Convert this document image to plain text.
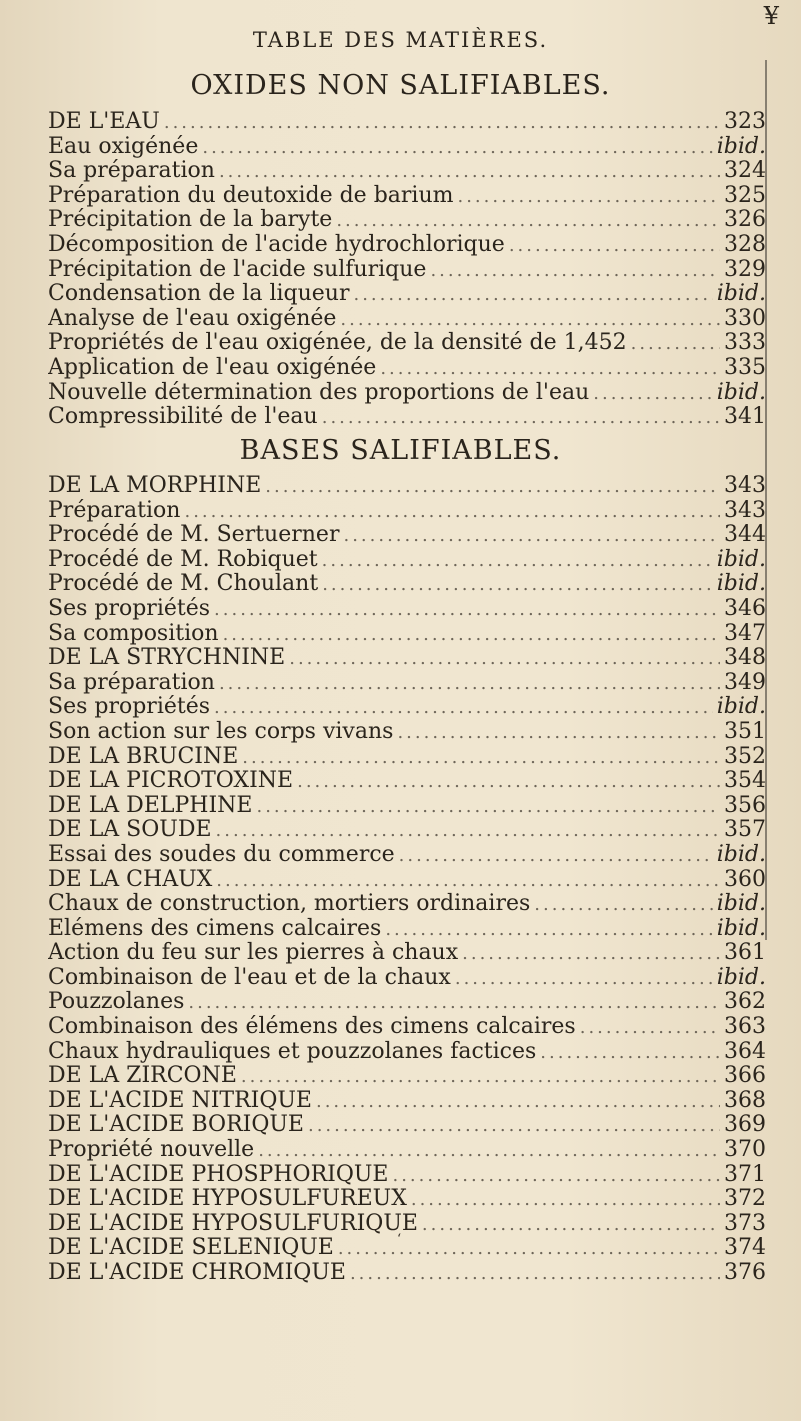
TABLE DES MATIÈRES.
¥
OXIDES NON SALIFIABLES.
DE L'EAU .....	323
Eau oxigénée .....	ibid.
Sa préparation .....	324
Préparation du deutoxide de barium .....	325
Précipitation de la baryte .....	326
Décomposition de l'acide hydrochlorique .....	328
Précipitation de l'acide sulfurique .....	329
Condensation de la liqueur .....	ibid.
Analyse de l'eau oxigénée .....	330
Propriétés de l'eau oxigénée, de la densité de 1,452 .....	333
Application de l'eau oxigénée .....	335
Nouvelle détermination des proportions de l'eau .....	ibid.
Compressibilité de l'eau .....	341
BASES SALIFIABLES.
DE LA MORPHINE .....	343
Préparation .....	343
Procédé de M. Sertuerner .....	344
Procédé de M. Robiquet .....	ibid.
Procédé de M. Choulant .....	ibid.
Ses propriétés .....	346
Sa composition .....	347
DE LA STRYCHNINE .....	348
Sa préparation .....	349
Ses propriétés .....	ibid.
Son action sur les corps vivans .....	351
DE LA BRUCINE .....	352
DE LA PICROTOXINE .....	354
DE LA DELPHINE .....	356
DE LA SOUDE .....	357
Essai des soudes du commerce .....	ibid.
DE LA CHAUX .....	360
Chaux de construction, mortiers ordinaires .....	ibid.
Élémens des cimens calcaires .....	ibid.
Action du feu sur les pierres à chaux .....	361
Combinaison de l'eau et de la chaux .....	ibid.
Pouzzolanes .....	362
Combinaison des élémens des cimens calcaires .....	363
Chaux hydrauliques et pouzzolanes factices .....	364
DE LA ZIRCONE .....	366
DE L'ACIDE NITRIQUE .....	368
DE L'ACIDE BORIQUE .....	369
Propriété nouvelle .....	370
DE L'ACIDE PHOSPHORIQUE .....	371
DE L'ACIDE HYPOSULFUREUX .....	372
DE L'ACIDE HYPOSULFURIQUE .....	373
DE L'ACIDE SÉLÉNIQUE .....	374
DE L'ACIDE CHROMIQUE .....	376
‘
